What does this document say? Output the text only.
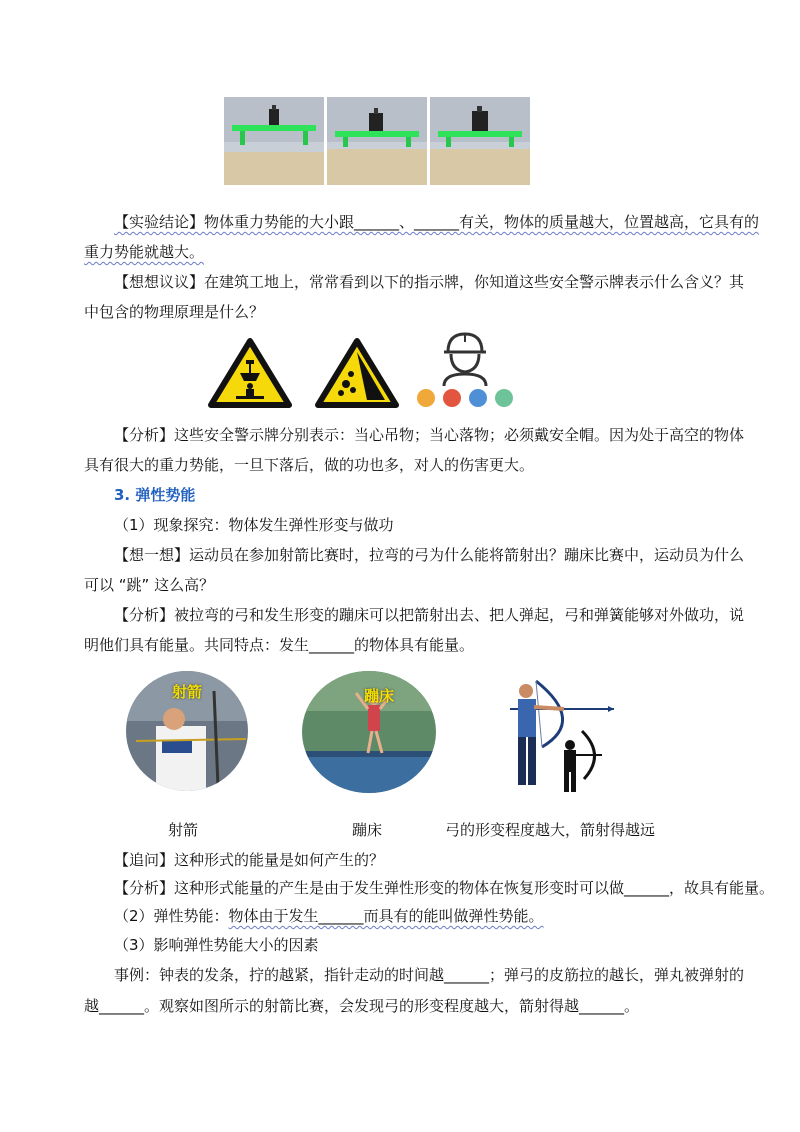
【实验结论】物体重力势能的大小跟______、______有关，物体的质量越大，位置越高，它具有的
重力势能就越大。
【想想议议】在建筑工地上，常常看到以下的指示牌，你知道这些安全警示牌表示什么含义？其
中包含的物理原理是什么？
【分析】这些安全警示牌分别表示：当心吊物；当心落物；必须戴安全帽。因为处于高空的物体
具有很大的重力势能，一旦下落后，做的功也多，对人的伤害更大。
3. 弹性势能
（1）现象探究：物体发生弹性形变与做功
【想一想】运动员在参加射箭比赛时，拉弯的弓为什么能将箭射出？蹦床比赛中，运动员为什么
可以 “跳” 这么高？
【分析】被拉弯的弓和发生形变的蹦床可以把箭射出去、把人弹起，弓和弹簧能够对外做功，说
明他们具有能量。共同特点：发生______的物体具有能量。
射箭	蹦床
射箭	蹦床	弓的形变程度越大，箭射得越远
【追问】这种形式的能量是如何产生的？
【分析】这种形式能量的产生是由于发生弹性形变的物体在恢复形变时可以做______，故具有能量。
（2）弹性势能：物体由于发生______而具有的能叫做弹性势能。
（3）影响弹性势能大小的因素
事例：钟表的发条，拧的越紧，指针走动的时间越______；弹弓的皮筋拉的越长，弹丸被弹射的
越______。观察如图所示的射箭比赛，会发现弓的形变程度越大，箭射得越______。
